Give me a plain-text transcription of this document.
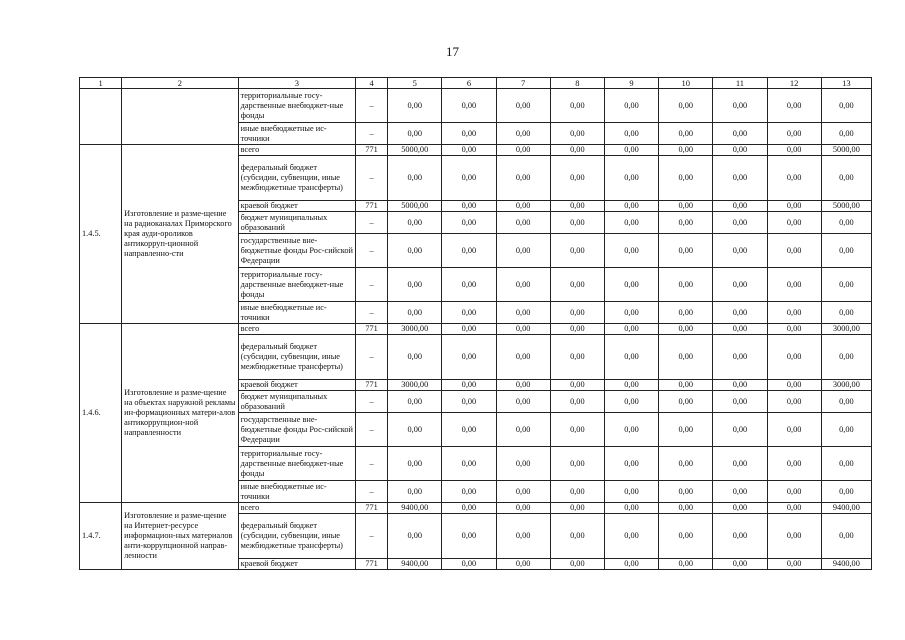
17
1	2	3	4	5	6	7	8	9	10	11	12	13
		территориальные госу-дарственные внебюджет-ные фонды	–	0,00	0,00	0,00	0,00	0,00	0,00	0,00	0,00	0,00
		иные внебюджетные ис-точники	–	0,00	0,00	0,00	0,00	0,00	0,00	0,00	0,00	0,00
1.4.5.	Изготовление и разме-щение на радиоканалах Приморского края ауди-ороликов антикорруп-ционной направленно-сти	всего	771	5000,00	0,00	0,00	0,00	0,00	0,00	0,00	0,00	5000,00
		федеральный бюджет (субсидии, субвенции, иные межбюджетные трансферты)	–	0,00	0,00	0,00	0,00	0,00	0,00	0,00	0,00	0,00
		краевой бюджет	771	5000,00	0,00	0,00	0,00	0,00	0,00	0,00	0,00	5000,00
		бюджет муниципальных образований	–	0,00	0,00	0,00	0,00	0,00	0,00	0,00	0,00	0,00
		государственные вне-бюджетные фонды Рос-сийской Федерации	–	0,00	0,00	0,00	0,00	0,00	0,00	0,00	0,00	0,00
		территориальные госу-дарственные внебюджет-ные фонды	–	0,00	0,00	0,00	0,00	0,00	0,00	0,00	0,00	0,00
		иные внебюджетные ис-точники	–	0,00	0,00	0,00	0,00	0,00	0,00	0,00	0,00	0,00
1.4.6.	Изготовление и разме-щение на объектах наружной рекламы ин-формационных матери-алов антикоррупцион-ной направленности	всего	771	3000,00	0,00	0,00	0,00	0,00	0,00	0,00	0,00	3000,00
		федеральный бюджет (субсидии, субвенции, иные межбюджетные трансферты)	–	0,00	0,00	0,00	0,00	0,00	0,00	0,00	0,00	0,00
		краевой бюджет	771	3000,00	0,00	0,00	0,00	0,00	0,00	0,00	0,00	3000,00
		бюджет муниципальных образований	–	0,00	0,00	0,00	0,00	0,00	0,00	0,00	0,00	0,00
		государственные вне-бюджетные фонды Рос-сийской Федерации	–	0,00	0,00	0,00	0,00	0,00	0,00	0,00	0,00	0,00
		территориальные госу-дарственные внебюджет-ные фонды	–	0,00	0,00	0,00	0,00	0,00	0,00	0,00	0,00	0,00
		иные внебюджетные ис-точники	–	0,00	0,00	0,00	0,00	0,00	0,00	0,00	0,00	0,00
1.4.7.	Изготовление и разме-щение на Интернет-ресурсе информацион-ных материалов анти-коррупционной направ-ленности	всего	771	9400,00	0,00	0,00	0,00	0,00	0,00	0,00	0,00	9400,00
		федеральный бюджет (субсидии, субвенции, иные межбюджетные трансферты)	–	0,00	0,00	0,00	0,00	0,00	0,00	0,00	0,00	0,00
		краевой бюджет	771	9400,00	0,00	0,00	0,00	0,00	0,00	0,00	0,00	9400,00
